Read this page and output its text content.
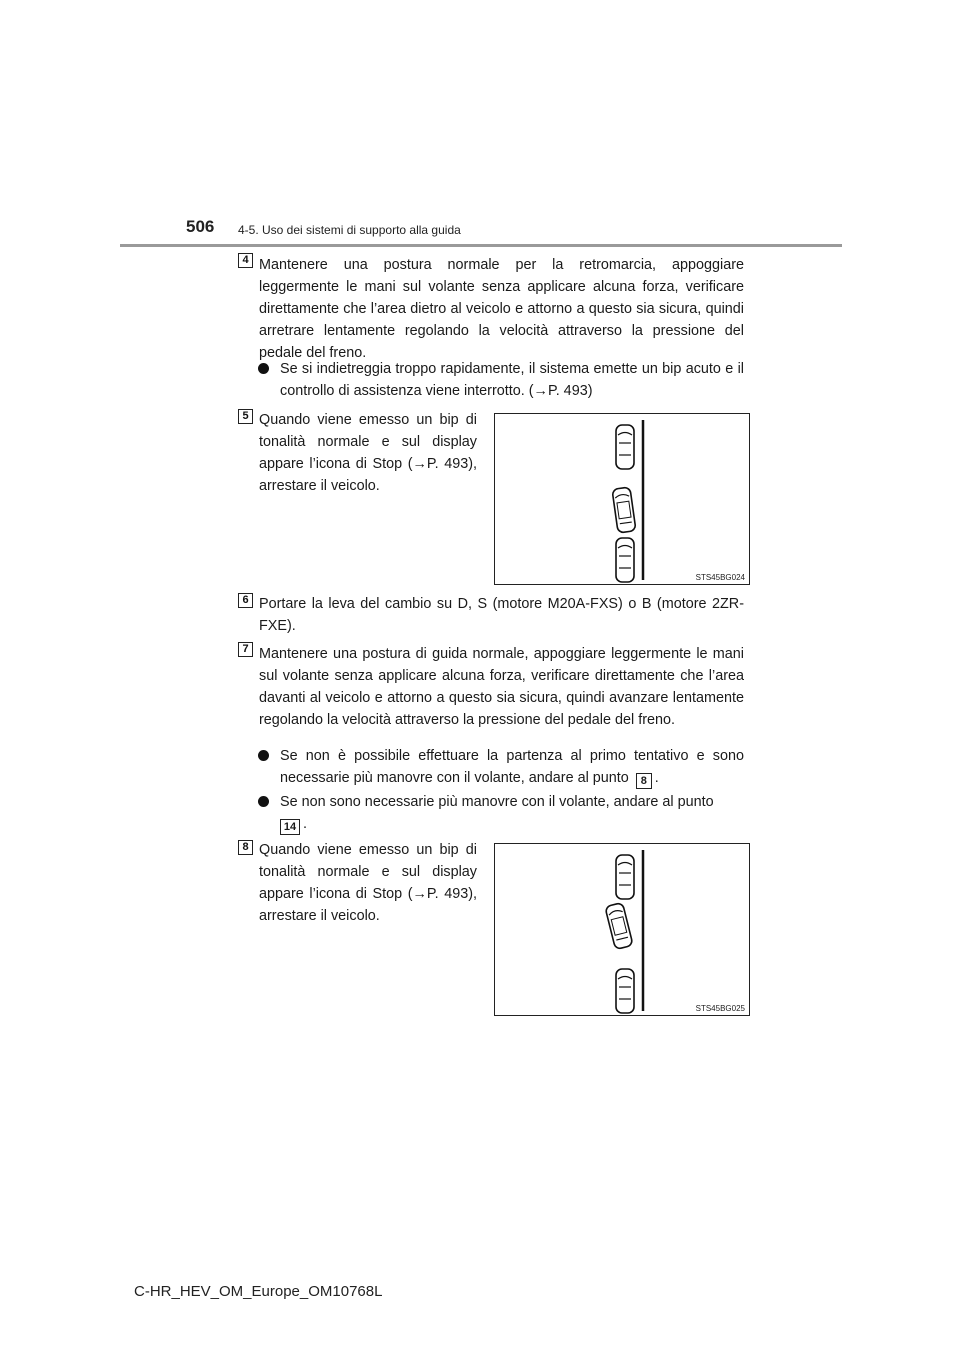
506 4-5. Uso dei sistemi di supporto alla guida
4 Mantenere una postura normale per la retromarcia, appoggiare leggermente le mani sul volante senza applicare alcuna forza, verificare direttamente che l’area dietro al veicolo e attorno a questo sia sicura, quindi arretrare lentamente regolando la velocità attraverso la pressione del pedale del freno.
Se si indietreggia troppo rapidamente, il sistema emette un bip acuto e il controllo di assistenza viene interrotto. (→P. 493)
5 Quando viene emesso un bip di tonalità normale e sul display appare l’icona di Stop (→P. 493), arrestare il veicolo.
STS45BG024
6 Portare la leva del cambio su D, S (motore M20A-FXS) o B (motore 2ZR-FXE).
7 Mantenere una postura di guida normale, appoggiare leggermente le mani sul volante senza applicare alcuna forza, verificare direttamente che l’area davanti al veicolo e attorno a questo sia sicura, quindi avanzare lentamente regolando la velocità attraverso la pressione del pedale del freno.
Se non è possibile effettuare la partenza al primo tentativo e sono necessarie più manovre con il volante, andare al punto 8 .
Se non sono necessarie più manovre con il volante, andare al punto
14 .
8 Quando viene emesso un bip di tonalità normale e sul display appare l’icona di Stop (→P. 493), arrestare il veicolo.
STS45BG025
C-HR_HEV_OM_Europe_OM10768L
